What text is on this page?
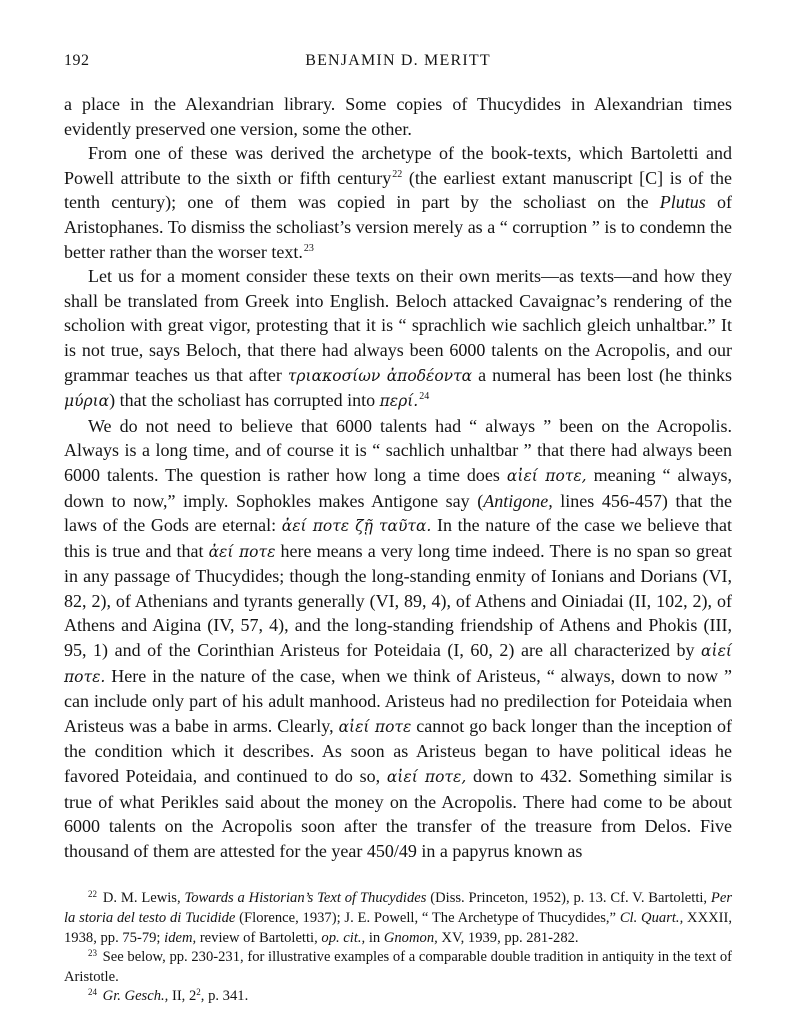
192	BENJAMIN D. MERITT

a place in the Alexandrian library. Some copies of Thucydides in Alexandrian times evidently preserved one version, some the other.

From one of these was derived the archetype of the book-texts, which Bartoletti and Powell attribute to the sixth or fifth century$^{22}$ (the earliest extant manuscript [C] is of the tenth century); one of them was copied in part by the scholiast on the Plutus of Aristophanes. To dismiss the scholiast’s version merely as a “ corruption ” is to condemn the better rather than the worser text.$^{23}$

Let us for a moment consider these texts on their own merits—as texts—and how they shall be translated from Greek into English. Beloch attacked Cavaignac’s rendering of the scholion with great vigor, protesting that it is “ sprachlich wie sachlich gleich unhaltbar.” It is not true, says Beloch, that there had always been 6000 talents on the Acropolis, and our grammar teaches us that after τριακοσίων ἀποδέοντα a numeral has been lost (he thinks μύρια) that the scholiast has corrupted into περί.$^{24}$

We do not need to believe that 6000 talents had “ always ” been on the Acropolis. Always is a long time, and of course it is “ sachlich unhaltbar ” that there had always been 6000 talents. The question is rather how long a time does αἰεί ποτε, meaning “ always, down to now,” imply. Sophokles makes Antigone say (Antigone, lines 456-457) that the laws of the Gods are eternal: ἀεί ποτε ζῇ ταῦτα. In the nature of the case we believe that this is true and that ἀεί ποτε here means a very long time indeed. There is no span so great in any passage of Thucydides; though the long-standing enmity of Ionians and Dorians (VI, 82, 2), of Athenians and tyrants generally (VI, 89, 4), of Athens and Oiniadai (II, 102, 2), of Athens and Aigina (IV, 57, 4), and the long-standing friendship of Athens and Phokis (III, 95, 1) and of the Corinthian Aristeus for Poteidaia (I, 60, 2) are all characterized by αἰεί ποτε. Here in the nature of the case, when we think of Aristeus, “ always, down to now ” can include only part of his adult manhood. Aristeus had no predilection for Poteidaia when Aristeus was a babe in arms. Clearly, αἰεί ποτε cannot go back longer than the inception of the condition which it describes. As soon as Aristeus began to have political ideas he favored Poteidaia, and continued to do so, αἰεί ποτε, down to 432. Something similar is true of what Perikles said about the money on the Acropolis. There had come to be about 6000 talents on the Acropolis soon after the transfer of the treasure from Delos. Five thousand of them are attested for the year 450/49 in a papyrus known as

$^{22}$ D. M. Lewis, Towards a Historian’s Text of Thucydides (Diss. Princeton, 1952), p. 13. Cf. V. Bartoletti, Per la storia del testo di Tucidide (Florence, 1937); J. E. Powell, “ The Archetype of Thucydides,” Cl. Quart., XXXII, 1938, pp. 75-79; idem, review of Bartoletti, op. cit., in Gnomon, XV, 1939, pp. 281-282.

$^{23}$ See below, pp. 230-231, for illustrative examples of a comparable double tradition in antiquity in the text of Aristotle.

$^{24}$ Gr. Gesch., II, $2^2$, p. 341.
